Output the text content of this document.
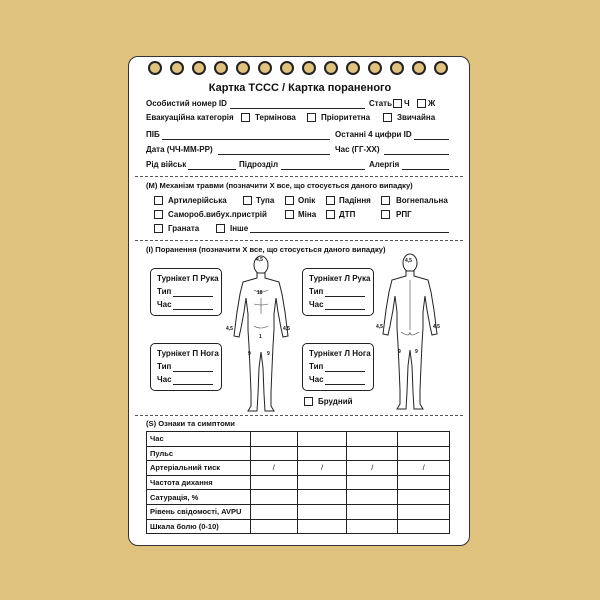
Картка ТССС / Картка пораненого
Особистий номер ID	Стать Ч Ж
Евакуаційна категорія	Термінова	Пріоритетна	Звичайна
ПІБ	Останні 4 цифри ID
Дата (ЧЧ-ММ-РР)	Час (ГГ-ХХ)
Рід військ	Підрозділ	Алергія
(М) Механізм травми (позначити Х все, що стосується даного випадку)
Артилерійська	Тупа	Опік	Падіння	Вогнепальна
Самороб.вибух.пристрій	Міна	ДТП	РПГ
Граната	Інше
(І) Поранення (позначити Х все, що стосується даного випадку)
Турнікет П Рука
Тип
Час
Турнікет Л Рука
Тип
Час
Турнікет П Нога
Тип
Час
Турнікет Л Нога
Тип
Час
Брудний
4,5
18
4,5	4,5
1
9	9
4,5
4,5	4,5
9	9
(S) Ознаки та симптоми
Час				
Пульс				
Артеріальний тиск	/	/	/	/
Частота дихання				
Сатурація, %				
Рівень свідомості, AVPU				
Шкала болю (0-10)				
